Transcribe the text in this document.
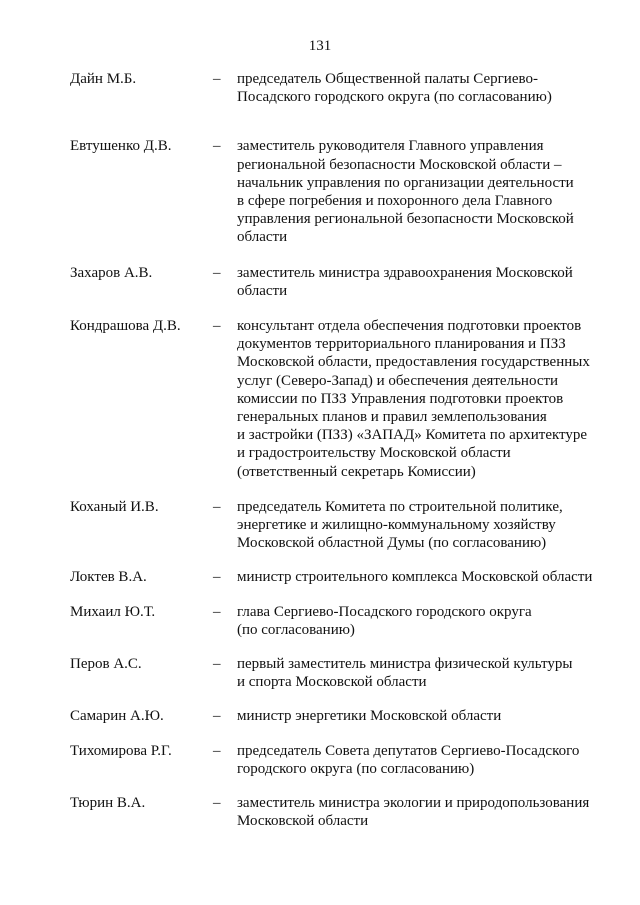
131
Дайн М.Б.	– председатель Общественной палаты Сергиево-
Посадского городского округа (по согласованию)
Евтушенко Д.В.	– заместитель руководителя Главного управления
региональной безопасности Московской области –
начальник управления по организации деятельности
в сфере погребения и похоронного дела Главного
управления региональной безопасности Московской
области
Захаров А.В.	– заместитель министра здравоохранения Московской
области
Кондрашова Д.В. – консультант отдела обеспечения подготовки проектов
документов территориального планирования и ПЗЗ
Московской области, предоставления государственных
услуг (Северо-Запад) и обеспечения деятельности
комиссии по ПЗЗ Управления подготовки проектов
генеральных планов и правил землепользования
и застройки (ПЗЗ) «ЗАПАД» Комитета по архитектуре
и градостроительству Московской области
(ответственный секретарь Комиссии)
Коханый И.В.	– председатель Комитета по строительной политике,
энергетике и жилищно-коммунальному хозяйству
Московской областной Думы (по согласованию)
Локтев В.А.	– министр строительного комплекса Московской области
Михаил Ю.Т.	– глава Сергиево-Посадского городского округа
(по согласованию)
Перов А.С.	– первый заместитель министра физической культуры
и спорта Московской области
Самарин А.Ю.	– министр энергетики Московской области
Тихомирова Р.Г.	– председатель Совета депутатов Сергиево-Посадского
городского округа (по согласованию)
Тюрин В.А.	– заместитель министра экологии и природопользования
Московской области
